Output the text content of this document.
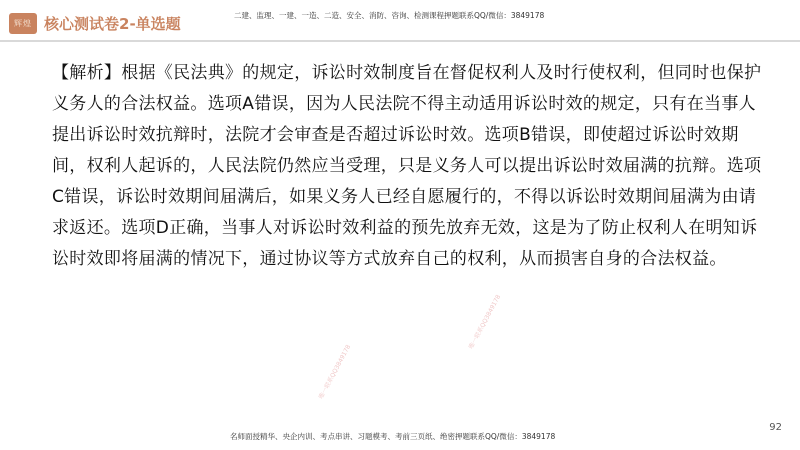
辉煌 核心测试卷2-单选题	二建、监理、一建、一造、二造、安全、消防、咨询、检测课程押题联系QQ/微信：3849178
【解析】根据《民法典》的规定，诉讼时效制度旨在督促权利人及时行使权利，但同时也保护义务人的合法权益。选项A错误，因为人民法院不得主动适用诉讼时效的规定，只有在当事人提出诉讼时效抗辩时，法院才会审查是否超过诉讼时效。选项B错误，即使超过诉讼时效期间，权利人起诉的，人民法院仍然应当受理，只是义务人可以提出诉讼时效届满的抗辩。选项C错误，诉讼时效期间届满后，如果义务人已经自愿履行的，不得以诉讼时效期间届满为由请求返还。选项D正确，当事人对诉讼时效利益的预先放弃无效，这是为了防止权利人在明知诉讼时效即将届满的情况下，通过协议等方式放弃自己的权利，从而损害自身的合法权益。
唯一联系QQ3849178
唯一联系QQ3849178
92
名师面授精华、央企内训、考点串讲、习题模考、考前三页纸、绝密押题联系QQ/微信：3849178
